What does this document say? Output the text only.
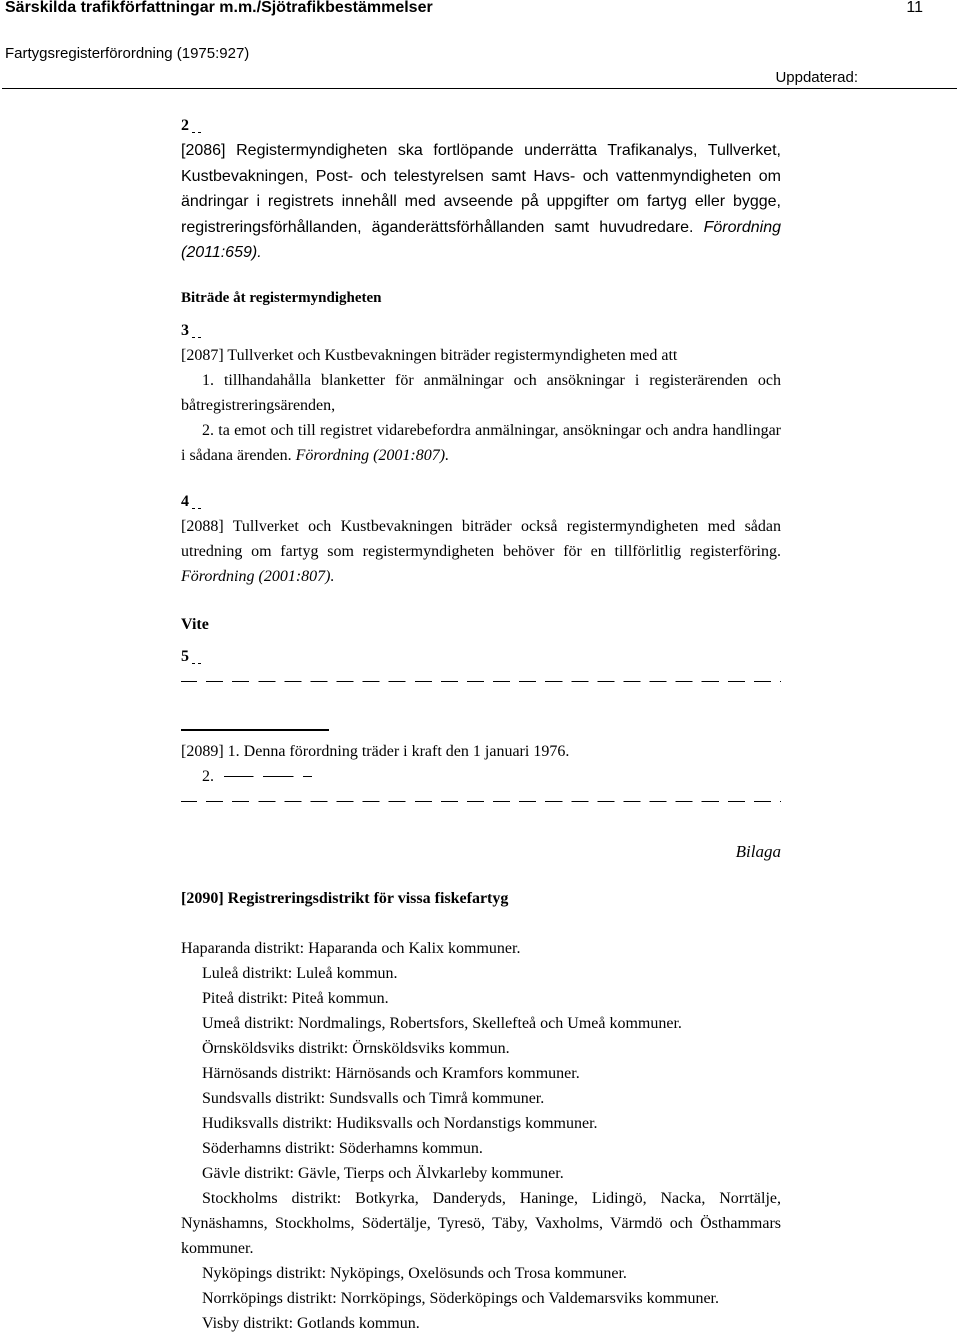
Särskilda trafikförfattningar m.m./Sjötrafikbestämmelser	11
Fartygsregisterförordning (1975:927)
Uppdaterad:

2

[2086] Registermyndigheten ska fortlöpande underrätta Trafikanalys, Tullverket, Kustbevakningen, Post- och telestyrelsen samt Havs- och vattenmyndigheten om ändringar i registrets innehåll med avseende på uppgifter om fartyg eller bygge, registreringsförhållanden, äganderättsförhållanden samt huvudredare. Förordning (2011:659).

Biträde åt registermyndigheten

3

[2087] Tullverket och Kustbevakningen biträder registermyndigheten med att

1. tillhandahålla blanketter för anmälningar och ansökningar i registerärenden och båtregistreringsärenden,

2. ta emot och till registret vidarebefordra anmälningar, ansökningar och andra handlingar i sådana ärenden. Förordning (2001:807).

4

[2088] Tullverket och Kustbevakningen biträder också registermyndigheten med sådan utredning om fartyg som registermyndigheten behöver för en tillförlitlig registerföring. Förordning (2001:807).

Vite

5

[2089] 1. Denna förordning träder i kraft den 1 januari 1976.

2.

Bilaga

[2090] Registreringsdistrikt för vissa fiskefartyg

Haparanda distrikt: Haparanda och Kalix kommuner.

Luleå distrikt: Luleå kommun.

Piteå distrikt: Piteå kommun.

Umeå distrikt: Nordmalings, Robertsfors, Skellefteå och Umeå kommuner.

Örnsköldsviks distrikt: Örnsköldsviks kommun.

Härnösands distrikt: Härnösands och Kramfors kommuner.

Sundsvalls distrikt: Sundsvalls och Timrå kommuner.

Hudiksvalls distrikt: Hudiksvalls och Nordanstigs kommuner.

Söderhamns distrikt: Söderhamns kommun.

Gävle distrikt: Gävle, Tierps och Älvkarleby kommuner.

Stockholms distrikt: Botkyrka, Danderyds, Haninge, Lidingö, Nacka, Norrtälje, Nynäshamns, Stockholms, Södertälje, Tyresö, Täby, Vaxholms, Värmdö och Östhammars kommuner.

Nyköpings distrikt: Nyköpings, Oxelösunds och Trosa kommuner.

Norrköpings distrikt: Norrköpings, Söderköpings och Valdemarsviks kommuner.

Visby distrikt: Gotlands kommun.
